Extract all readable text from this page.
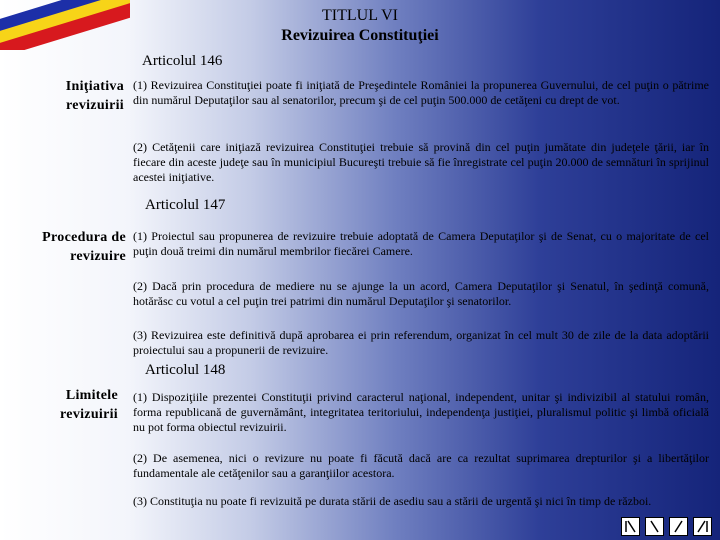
TITLUL VI
Revizuirea Constituţiei
Articolul 146
Iniţiativa
revizuirii
(1) Revizuirea Constituţiei poate fi iniţiată de Preşedintele României la propunerea Guvernului, de cel puţin o pătrime din numărul Deputaţilor sau al senatorilor, precum şi de cel puţin 500.000 de cetăţeni cu drept de vot.
(2) Cetăţenii care iniţiază revizuirea Constituţiei trebuie să provină din cel puţin jumătate din judeţele ţării, iar în fiecare din aceste judeţe sau în municipiul Bucureşti trebuie să fie înregistrate cel puţin 20.000 de semnături în sprijinul acestei iniţiative.
Articolul 147
Procedura de
revizuire
(1) Proiectul sau propunerea de revizuire trebuie adoptată de Camera Deputaţilor şi de Senat, cu o majoritate de cel puţin două treimi din numărul membrilor fiecărei Camere.
(2) Dacă prin procedura de mediere nu se ajunge la un acord, Camera Deputaţilor şi Senatul, în şedinţă comună, hotărăsc cu votul a cel puţin trei patrimi din numărul Deputaţilor şi senatorilor.
(3) Revizuirea este definitivă după aprobarea ei prin referendum, organizat în cel mult 30 de zile de la data adoptării proiectului sau a propunerii de revizuire.
Articolul 148
Limitele
revizuirii
(1) Dispoziţiile prezentei Constituţii privind caracterul naţional, independent, unitar şi indivizibil al statului român, forma republicană de guvernământ, integritatea teritoriului, independenţa justiţiei, pluralismul politic şi limbă oficială nu pot forma obiectul revizuirii.
(2) De asemenea, nici o revizure nu poate fi făcută dacă are ca rezultat suprimarea drepturilor şi a libertăţilor fundamentale ale cetăţenilor sau a garanţiilor acestora.
(3) Constituţia nu poate fi revizuită pe durata stării de asediu sau a stării de urgentă şi nici în timp de război.
